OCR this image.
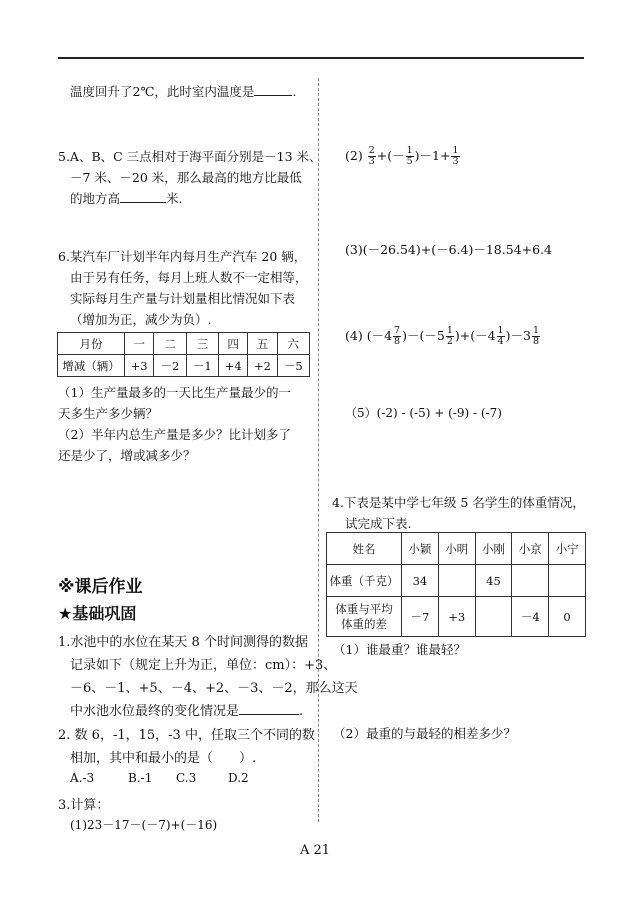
温度回升了2℃，此时室内温度是	.
5.A、B、C 三点相对于海平面分别是－13 米、
－7 米、－20 米，那么最高的地方比最低
的地方高	米.
6.某汽车厂计划半年内每月生产汽车 20 辆，
由于另有任务，每月上班人数不一定相等，
实际每月生产量与计划量相比情况如下表
（增加为正，减少为负）.
月份	一	二	三	四	五	六
增减（辆）	+3	－2	－1	+4	+2	－5
（1）生产量最多的一天比生产量最少的一
天多生产多少辆？
（2）半年内总生产量是多少？比计划多了
还是少了，增或减多少？
※课后作业
★基础巩固
1.水池中的水位在某天 8 个时间测得的数据
记录如下（规定上升为正，单位：cm）：+3、
－6、－1、+5、－4、+2、－3、－2，那么这天
中水池水位最终的变化情况是	.
2. 数 6，-1，15，-3 中，任取三个不同的数
相加，其中和最小的是（　　）.
A.-3	B.-1 C.3	D.2
3.计算：
(1)23－17－(－7)+(－16)
$(2) \frac{2}{3}$ +(－ $\frac{1}{5} )-1+ \frac{1}{3}$
(3)(－26.54)+(－6.4)－18.54+6.4
(4) $(-4 \frac{7}{8} )-(-5 \frac{1}{2} )+(-4 \frac{1}{4} )-3 \frac{1}{8}$
（5）(-2) - (-5) + (-9) - (-7)
4.下表是某中学七年级 5 名学生的体重情况，
试完成下表.
姓名	小颖	小明	小刚	小京	小宁
体重（千克）	34		45		

体重与平均
体重的差	－7	+3		－4	0
（1）谁最重？谁最轻？
（2）最重的与最轻的相差多少？
A 21
